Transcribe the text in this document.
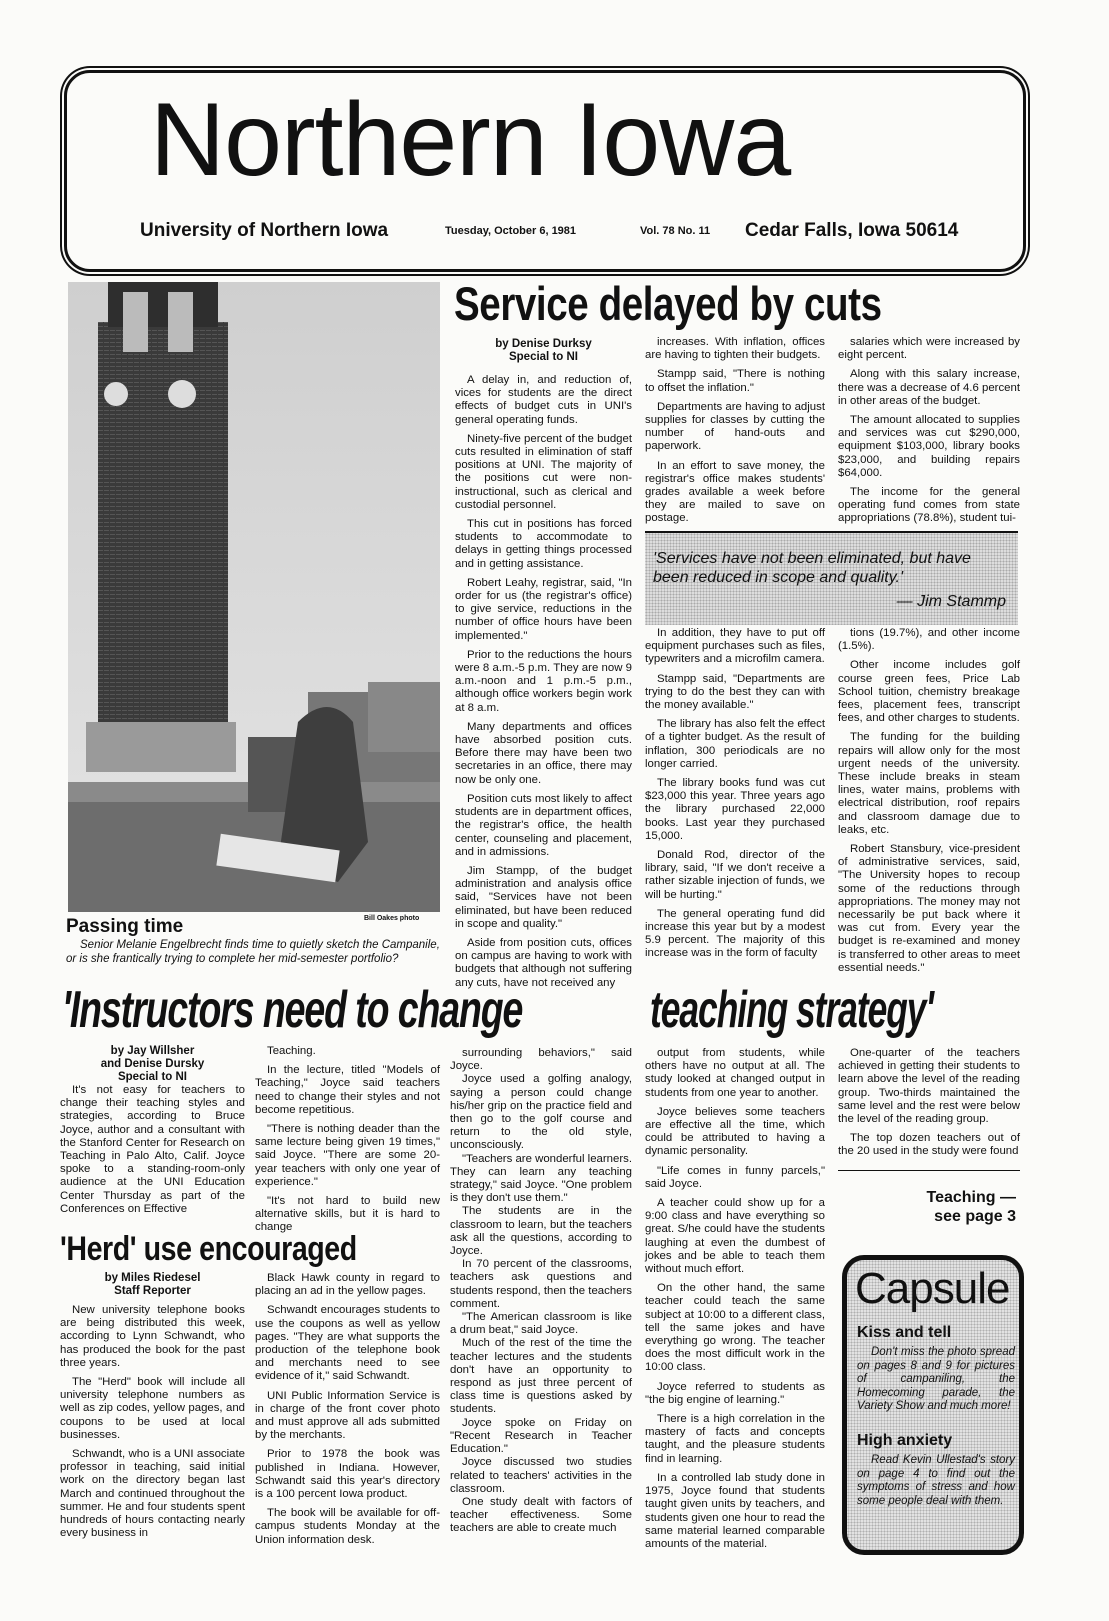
Northern Iowa
University of Northern Iowa	Tuesday, October 6, 1981	Vol. 78 No. 11 Cedar Falls, Iowa 50614
Bill Oakes photo
Passing time
Senior Melanie Engelbrecht finds time to quietly sketch the Campanile, or is she frantically trying to complete her mid-semester portfolio?
Service delayed by cuts
by Denise Durksy
Special to NI

A delay in, and reduction of, vices for students are the direct effects of budget cuts in UNI's general operating funds.

Ninety-five percent of the budget cuts resulted in elimination of staff positions at UNI. The majority of the positions cut were non-instructional, such as clerical and custodial personnel.

This cut in positions has forced students to accommodate to delays in getting things processed and in getting assistance.

Robert Leahy, registrar, said, "In order for us (the registrar's office) to give service, reductions in the number of office hours have been implemented."

Prior to the reductions the hours were 8 a.m.-5 p.m. They are now 9 a.m.-noon and 1 p.m.-5 p.m., although office workers begin work at 8 a.m.

Many departments and offices have absorbed position cuts. Before there may have been two secretaries in an office, there may now be only one.

Position cuts most likely to affect students are in department offices, the registrar's office, the health center, counseling and placement, and in admissions.

Jim Stampp, of the budget administration and analysis office said, "Services have not been eliminated, but have been reduced in scope and quality."

Aside from position cuts, offices on campus are having to work with budgets that although not suffering any cuts, have not received any

increases. With inflation, offices are having to tighten their budgets.

Stampp said, "There is nothing to offset the inflation."

Departments are having to adjust supplies for classes by cutting the number of hand-outs and paperwork.

In an effort to save money, the registrar's office makes students' grades available a week before they are mailed to save on postage.

salaries which were increased by eight percent.

Along with this salary increase, there was a decrease of 4.6 percent in other areas of the budget.

The amount allocated to supplies and services was cut $290,000, equipment $103,000, library books $23,000, and building repairs $64,000.

The income for the general operating fund comes from state appropriations (78.8%), student tui-

'Services have not been eliminated, but have been reduced in scope and quality.'
— Jim Stammp

In addition, they have to put off equipment purchases such as files, typewriters and a microfilm camera.

Stampp said, "Departments are trying to do the best they can with the money available."

The library has also felt the effect of a tighter budget. As the result of inflation, 300 periodicals are no longer carried.

The library books fund was cut $23,000 this year. Three years ago the library purchased 22,000 books. Last year they purchased 15,000.

Donald Rod, director of the library, said, "If we don't receive a rather sizable injection of funds, we will be hurting."

The general operating fund did increase this year but by a modest 5.9 percent. The majority of this increase was in the form of faculty

tions (19.7%), and other income (1.5%).

Other income includes golf course green fees, Price Lab School tuition, chemistry breakage fees, placement fees, transcript fees, and other charges to students.

The funding for the building repairs will allow only for the most urgent needs of the university. These include breaks in steam lines, water mains, problems with electrical distribution, roof repairs and classroom damage due to leaks, etc.

Robert Stansbury, vice-president of administrative services, said, "The University hopes to recoup some of the reductions through appropriations. The money may not necessarily be put back where it was cut from. Every year the budget is re-examined and money is transferred to other areas to meet essential needs."

'Instructors need to change teaching strategy'
by Jay Willsher
and Denise Dursky
Special to NI

It's not easy for teachers to change their teaching styles and strategies, according to Bruce Joyce, author and a consultant with the Stanford Center for Research on Teaching in Palo Alto, Calif. Joyce spoke to a standing-room-only audience at the UNI Education Center Thursday as part of the Conferences on Effective

Teaching.

In the lecture, titled "Models of Teaching," Joyce said teachers need to change their styles and not become repetitious.

"There is nothing deader than the same lecture being given 19 times," said Joyce. "There are some 20-year teachers with only one year of experience."

"It's not hard to build new alternative skills, but it is hard to change

surrounding behaviors," said Joyce.

Joyce used a golfing analogy, saying a person could change his/her grip on the practice field and then go to the golf course and return to the old style, unconsciously.

"Teachers are wonderful learners. They can learn any teaching strategy," said Joyce. "One problem is they don't use them."

The students are in the classroom to learn, but the teachers ask all the questions, according to Joyce.

In 70 percent of the classrooms, teachers ask questions and students respond, then the teachers comment.

"The American classroom is like a drum beat," said Joyce.

Much of the rest of the time the teacher lectures and the students don't have an opportunity to respond as just three percent of class time is questions asked by students.

Joyce spoke on Friday on "Recent Research in Teacher Education."

Joyce discussed two studies related to teachers' activities in the classroom.

One study dealt with factors of teacher effectiveness. Some teachers are able to create much

output from students, while others have no output at all. The study looked at changed output in students from one year to another.

Joyce believes some teachers are effective all the time, which could be attributed to having a dynamic personality.

"Life comes in funny parcels," said Joyce.

A teacher could show up for a 9:00 class and have everything so great. S/he could have the students laughing at even the dumbest of jokes and be able to teach them without much effort.

On the other hand, the same teacher could teach the same subject at 10:00 to a different class, tell the same jokes and have everything go wrong. The teacher does the most difficult work in the 10:00 class.

Joyce referred to students as "the big engine of learning."

There is a high correlation in the mastery of facts and concepts taught, and the pleasure students find in learning.

In a controlled lab study done in 1975, Joyce found that students taught given units by teachers, and students given one hour to read the same material learned comparable amounts of the material.

One-quarter of the teachers achieved in getting their students to learn above the level of the reading group. Two-thirds maintained the same level and the rest were below the level of the reading group.

The top dozen teachers out of the 20 used in the study were found

Teaching —
see page 3
'Herd' use encouraged
by Miles Riedesel
Staff Reporter

New university telephone books are being distributed this week, according to Lynn Schwandt, who has produced the book for the past three years.

The "Herd" book will include all university telephone numbers as well as zip codes, yellow pages, and coupons to be used at local businesses.

Schwandt, who is a UNI associate professor in teaching, said initial work on the directory began last March and continued throughout the summer. He and four students spent hundreds of hours contacting nearly every business in

Black Hawk county in regard to placing an ad in the yellow pages.

Schwandt encourages students to use the coupons as well as yellow pages. "They are what supports the production of the telephone book and merchants need to see evidence of it," said Schwandt.

UNI Public Information Service is in charge of the front cover photo and must approve all ads submitted by the merchants.

Prior to 1978 the book was published in Indiana. However, Schwandt said this year's directory is a 100 percent Iowa product.

The book will be available for off-campus students Monday at the Union information desk.

Capsule
Kiss and tell
Don't miss the photo spread on pages 8 and 9 for pictures of campaniling, the Homecoming parade, the Variety Show and much more!
High anxiety
Read Kevin Ullestad's story on page 4 to find out the symptoms of stress and how some people deal with them.
